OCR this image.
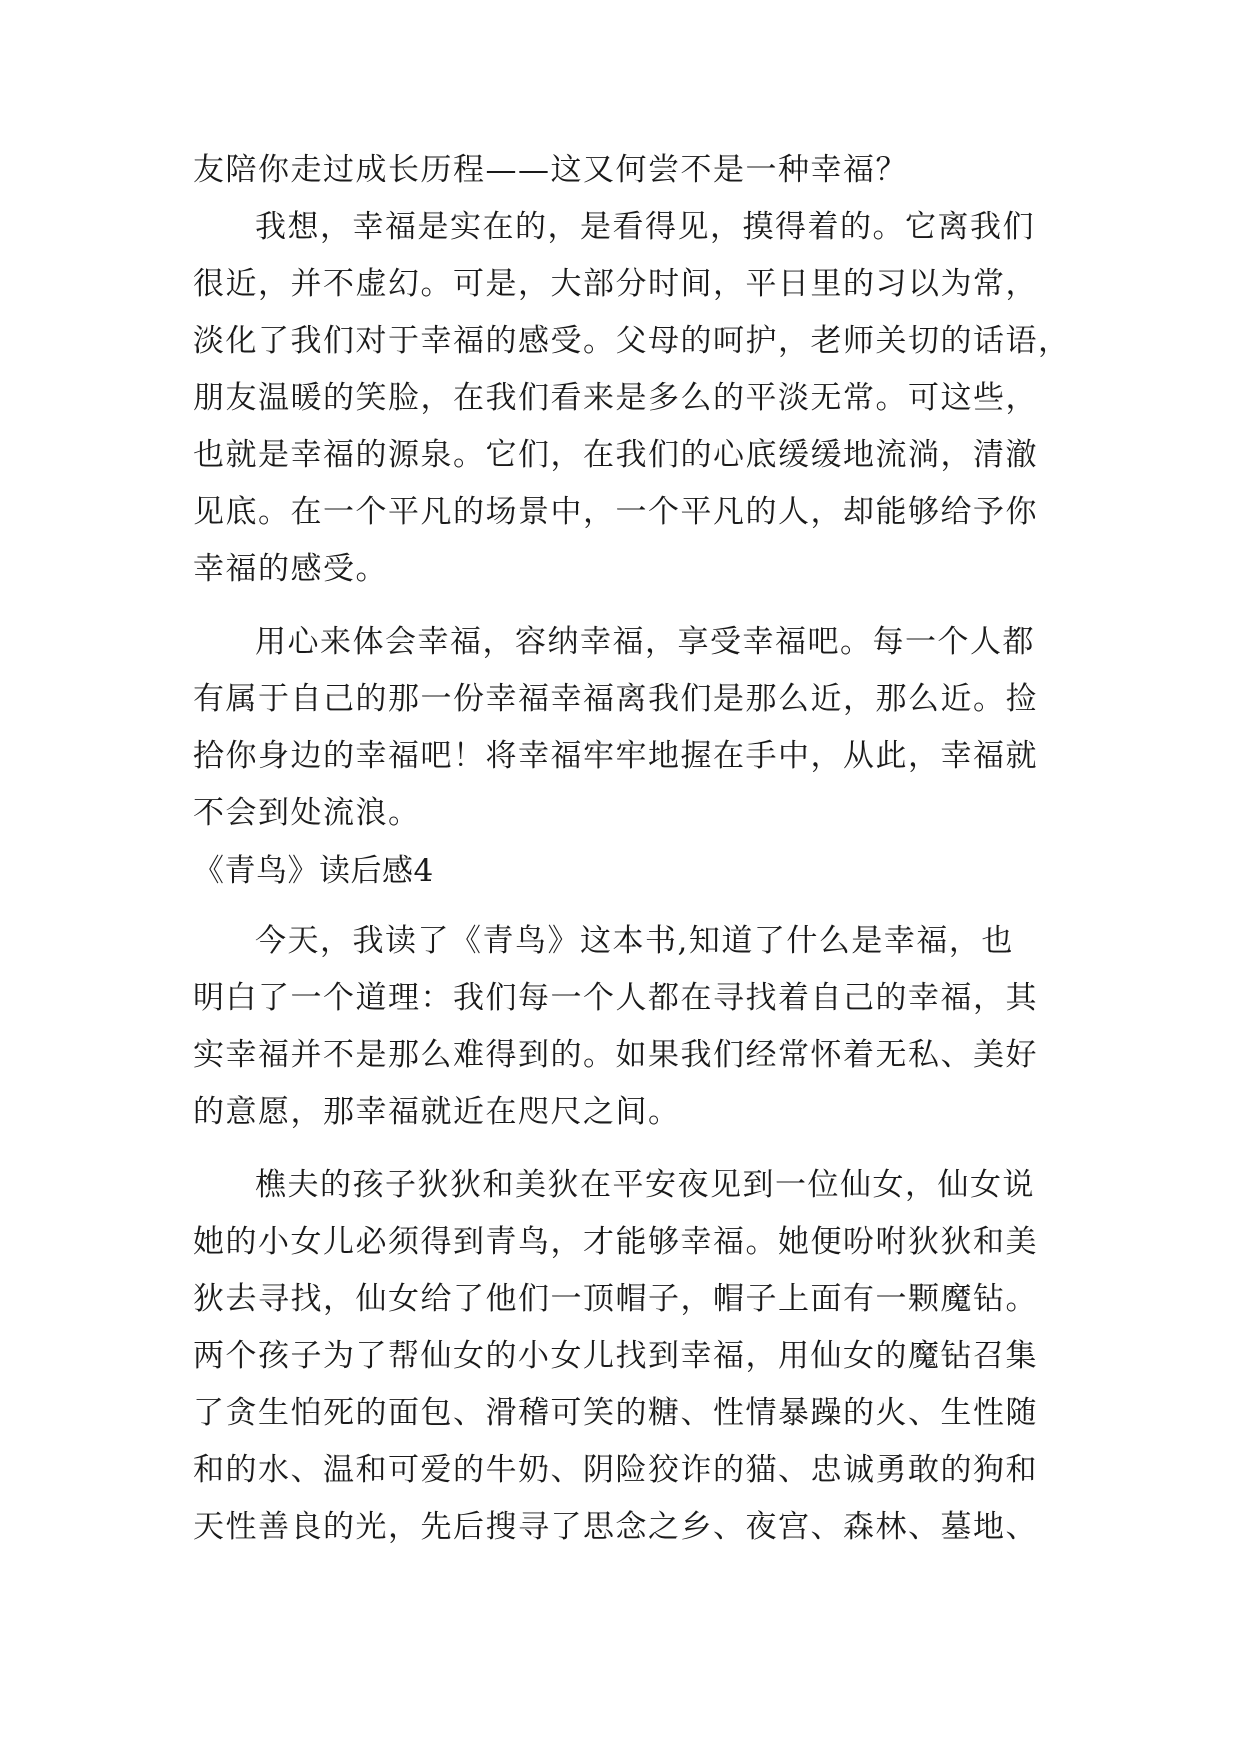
友陪你走过成长历程——这又何尝不是一种幸福？
我想，幸福是实在的，是看得见，摸得着的。它离我们
很近，并不虚幻。可是，大部分时间，平日里的习以为常，
淡化了我们对于幸福的感受。父母的呵护，老师关切的话语，
朋友温暖的笑脸，在我们看来是多么的平淡无常。可这些，
也就是幸福的源泉。它们，在我们的心底缓缓地流淌，清澈
见底。在一个平凡的场景中，一个平凡的人，却能够给予你
幸福的感受。
用心来体会幸福，容纳幸福，享受幸福吧。每一个人都
有属于自己的那一份幸福幸福离我们是那么近，那么近。捡
拾你身边的幸福吧！将幸福牢牢地握在手中，从此，幸福就
不会到处流浪。
《青鸟》读后感4
今天，我读了《青鸟》这本书,知道了什么是幸福，也
明白了一个道理：我们每一个人都在寻找着自己的幸福，其
实幸福并不是那么难得到的。如果我们经常怀着无私、美好
的意愿，那幸福就近在咫尺之间。
樵夫的孩子狄狄和美狄在平安夜见到一位仙女，仙女说
她的小女儿必须得到青鸟，才能够幸福。她便吩咐狄狄和美
狄去寻找，仙女给了他们一顶帽子，帽子上面有一颗魔钻。
两个孩子为了帮仙女的小女儿找到幸福，用仙女的魔钻召集
了贪生怕死的面包、滑稽可笑的糖、性情暴躁的火、生性随
和的水、温和可爱的牛奶、阴险狡诈的猫、忠诚勇敢的狗和
天性善良的光，先后搜寻了思念之乡、夜宫、森林、墓地、
